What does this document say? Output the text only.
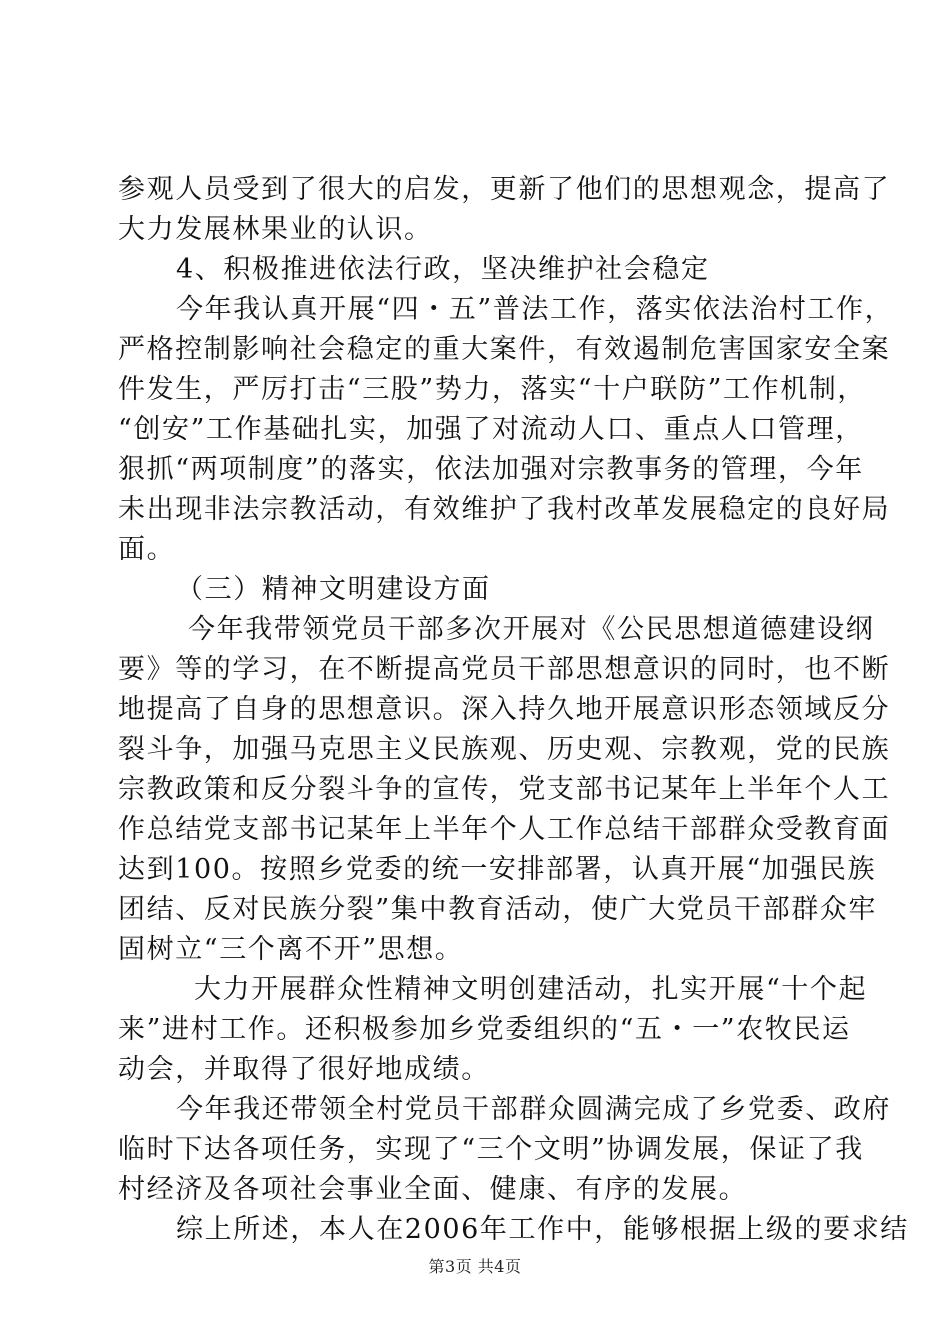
参观人员受到了很大的启发，更新了他们的思想观念，提高了
大力发展林果业的认识。
4、积极推进依法行政，坚决维护社会稳定
今年我认真开展“四・五”普法工作，落实依法治村工作，
严格控制影响社会稳定的重大案件，有效遏制危害国家安全案
件发生，严厉打击“三股”势力，落实“十户联防”工作机制，
“创安”工作基础扎实，加强了对流动人口、重点人口管理，
狠抓“两项制度”的落实，依法加强对宗教事务的管理，今年
未出现非法宗教活动，有效维护了我村改革发展稳定的良好局
面。
（三）精神文明建设方面
今年我带领党员干部多次开展对《公民思想道德建设纲
要》等的学习，在不断提高党员干部思想意识的同时，也不断
地提高了自身的思想意识。深入持久地开展意识形态领域反分
裂斗争，加强马克思主义民族观、历史观、宗教观，党的民族
宗教政策和反分裂斗争的宣传，党支部书记某年上半年个人工
作总结党支部书记某年上半年个人工作总结干部群众受教育面
达到100。按照乡党委的统一安排部署，认真开展“加强民族
团结、反对民族分裂”集中教育活动，使广大党员干部群众牢
固树立“三个离不开”思想。
大力开展群众性精神文明创建活动，扎实开展“十个起
来”进村工作。还积极参加乡党委组织的“五・一”农牧民运
动会，并取得了很好地成绩。
今年我还带领全村党员干部群众圆满完成了乡党委、政府
临时下达各项任务，实现了“三个文明”协调发展，保证了我
村经济及各项社会事业全面、健康、有序的发展。
综上所述，本人在2006年工作中，能够根据上级的要求结
第3页 共4页
